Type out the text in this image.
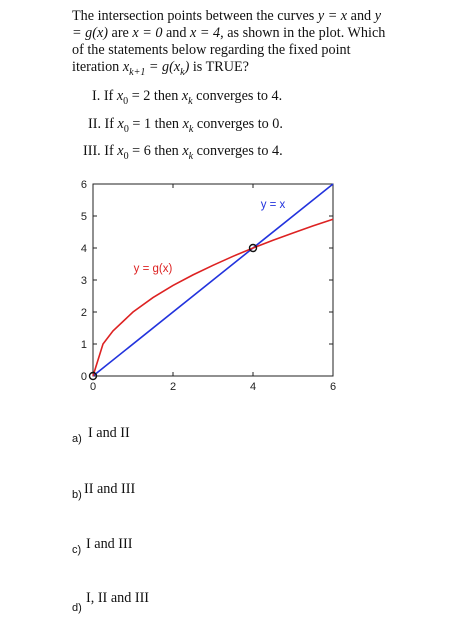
The intersection points between the curves y = x and y = g(x) are x = 0 and x = 4, as shown in the plot. Which of the statements below regarding the fixed point iteration $x_{k+1} = g(x_k)$ is TRUE?

I. If $x_0 = 2$ then $x_k$ converges to 4.

II. If $x_0 = 1$ then $x_k$ converges to 0.

III. If $x_0 = 6$ then $x_k$ converges to 4.

0	2	4	6
0
1
2
3
4
5
6
y = x
y = g(x)
a) I and II
b) II and III
c) I and III
d)
I, II and III
